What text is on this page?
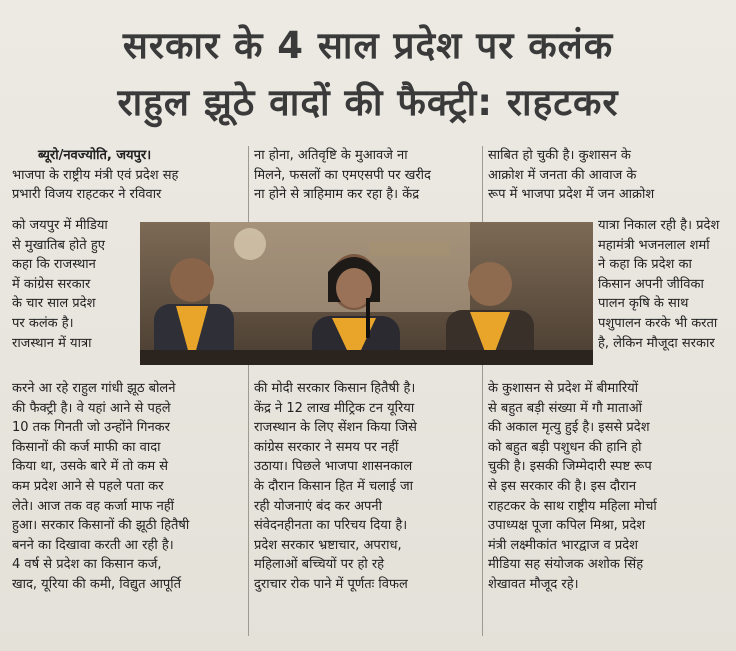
सरकार के 4 साल प्रदेश पर कलंक
राहुल झूठे वादों की फैक्ट्री: राहटकर
ब्यूरो/नवज्योति, जयपुर।
भाजपा के राष्ट्रीय मंत्री एवं प्रदेश सह
प्रभारी विजय राहटकर ने रविवार
को जयपुर में मीडिया
से मुखातिब होते हुए
कहा कि राजस्थान
में कांग्रेस सरकार
के चार साल प्रदेश
पर कलंक है।
राजस्थान में यात्रा
करने आ रहे राहुल गांधी झूठ बोलने
की फैक्ट्री है। वे यहां आने से पहले
10 तक गिनती जो उन्होंने गिनकर
किसानों की कर्ज माफी का वादा
किया था, उसके बारे में तो कम से
कम प्रदेश आने से पहले पता कर
लेते। आज तक वह कर्जा माफ नहीं
हुआ। सरकार किसानों की झूठी हितैषी
बनने का दिखावा करती आ रही है।
4 वर्ष से प्रदेश का किसान कर्ज,
खाद, यूरिया की कमी, विद्युत आपूर्ति
ना होना, अतिवृष्टि के मुआवजे ना
मिलने, फसलों का एमएसपी पर खरीद
ना होने से त्राहिमाम कर रहा है। केंद्र
की मोदी सरकार किसान हितैषी है।
केंद्र ने 12 लाख मीट्रिक टन यूरिया
राजस्थान के लिए सेंशन किया जिसे
कांग्रेस सरकार ने समय पर नहीं
उठाया। पिछले भाजपा शासनकाल
के दौरान किसान हित में चलाई जा
रही योजनाएं बंद कर अपनी
संवेदनहीनता का परिचय दिया है।
प्रदेश सरकार भ्रष्टाचार, अपराध,
महिलाओं बच्चियों पर हो रहे
दुराचार रोक पाने में पूर्णतः विफल
साबित हो चुकी है। कुशासन के
आक्रोश में जनता की आवाज के
रूप में भाजपा प्रदेश में जन आक्रोश
यात्रा निकाल रही है। प्रदेश
महामंत्री भजनलाल शर्मा
ने कहा कि प्रदेश का
किसान अपनी जीविका
पालन कृषि के साथ
पशुपालन करके भी करता
है, लेकिन मौजूदा सरकार
के कुशासन से प्रदेश में बीमारियों
से बहुत बड़ी संख्या में गौ माताओं
की अकाल मृत्यु हुई है। इससे प्रदेश
को बहुत बड़ी पशुधन की हानि हो
चुकी है। इसकी जिम्मेदारी स्पष्ट रूप
से इस सरकार की है। इस दौरान
राहटकर के साथ राष्ट्रीय महिला मोर्चा
उपाध्यक्ष पूजा कपिल मिश्रा, प्रदेश
मंत्री लक्ष्मीकांत भारद्वाज व प्रदेश
मीडिया सह संयोजक अशोक सिंह
शेखावत मौजूद रहे।
